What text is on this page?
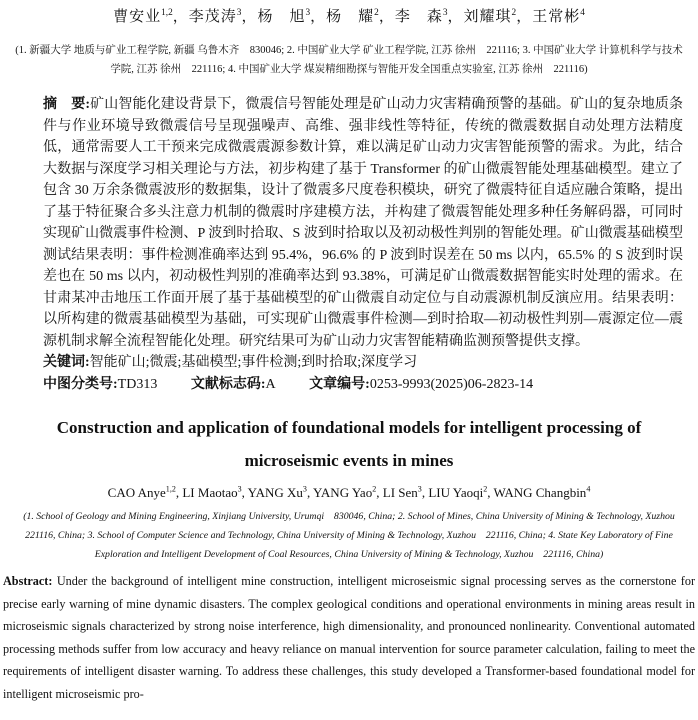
曹安业$^{1,2}$，李茂涛$^3$，杨　旭$^3$，杨　耀$^2$，李　森$^3$，刘耀琪$^2$，王常彬$^4$

(1. 新疆大学 地质与矿业工程学院, 新疆 乌鲁木齐　830046; 2. 中国矿业大学 矿业工程学院, 江苏 徐州　221116; 3. 中国矿业大学 计算机科学与技术学院, 江苏 徐州　221116; 4. 中国矿业大学 煤炭精细勘探与智能开发全国重点实验室, 江苏 徐州　221116)

摘　要:矿山智能化建设背景下，微震信号智能处理是矿山动力灾害精确预警的基础。矿山的复杂地质条件与作业环境导致微震信号呈现强噪声、高维、强非线性等特征，传统的微震数据自动处理方法精度低，通常需要人工干预来完成微震震源参数计算，难以满足矿山动力灾害智能预警的需求。为此，结合大数据与深度学习相关理论与方法，初步构建了基于 Transformer 的矿山微震智能处理基础模型。建立了包含 30 万余条微震波形的数据集，设计了微震多尺度卷积模块，研究了微震特征自适应融合策略，提出了基于特征聚合多头注意力机制的微震时序建模方法，并构建了微震智能处理多种任务解码器，可同时实现矿山微震事件检测、P 波到时拾取、S 波到时拾取以及初动极性判别的智能处理。矿山微震基础模型测试结果表明：事件检测准确率达到 95.4%，96.6% 的 P 波到时误差在 50 ms 以内，65.5% 的 S 波到时误差也在 50 ms 以内，初动极性判别的准确率达到 93.38%，可满足矿山微震数据智能实时处理的需求。在甘肃某冲击地压工作面开展了基于基础模型的矿山微震自动定位与自动震源机制反演应用。结果表明：以所构建的微震基础模型为基础，可实现矿山微震事件检测—到时拾取—初动极性判别—震源定位—震源机制求解全流程智能化处理。研究结果可为矿山动力灾害智能精确监测预警提供支撑。

关键词:智能矿山;微震;基础模型;事件检测;到时拾取;深度学习

中图分类号:TD313 文献标志码:A 文章编号:0253-9993(2025)06-2823-14

Construction and application of foundational models for intelligent processing of microseismic events in mines

CAO Anye$^{1,2}$, LI Maotao$^3$, YANG Xu$^3$, YANG Yao$^2$, LI Sen$^3$, LIU Yaoqi$^2$, WANG Changbin$^4$

(1. School of Geology and Mining Engineering, Xinjiang University, Urumqi　830046, China; 2. School of Mines, China University of Mining & Technology, Xuzhou　221116, China; 3. School of Computer Science and Technology, China University of Mining & Technology, Xuzhou　221116, China; 4. State Key Laboratory of Fine Exploration and Intelligent Development of Coal Resources, China University of Mining & Technology, Xuzhou　221116, China)

Abstract: Under the background of intelligent mine construction, intelligent microseismic signal processing serves as the cornerstone for precise early warning of mine dynamic disasters. The complex geological conditions and operational environments in mining areas result in microseismic signals characterized by strong noise interference, high dimensionality, and pronounced nonlinearity. Conventional automated processing methods suffer from low accuracy and heavy reliance on manual intervention for source parameter calculation, failing to meet the requirements of intelligent disaster warning. To address these challenges, this study developed a Transformer-based foundational model for intelligent microseismic pro-
